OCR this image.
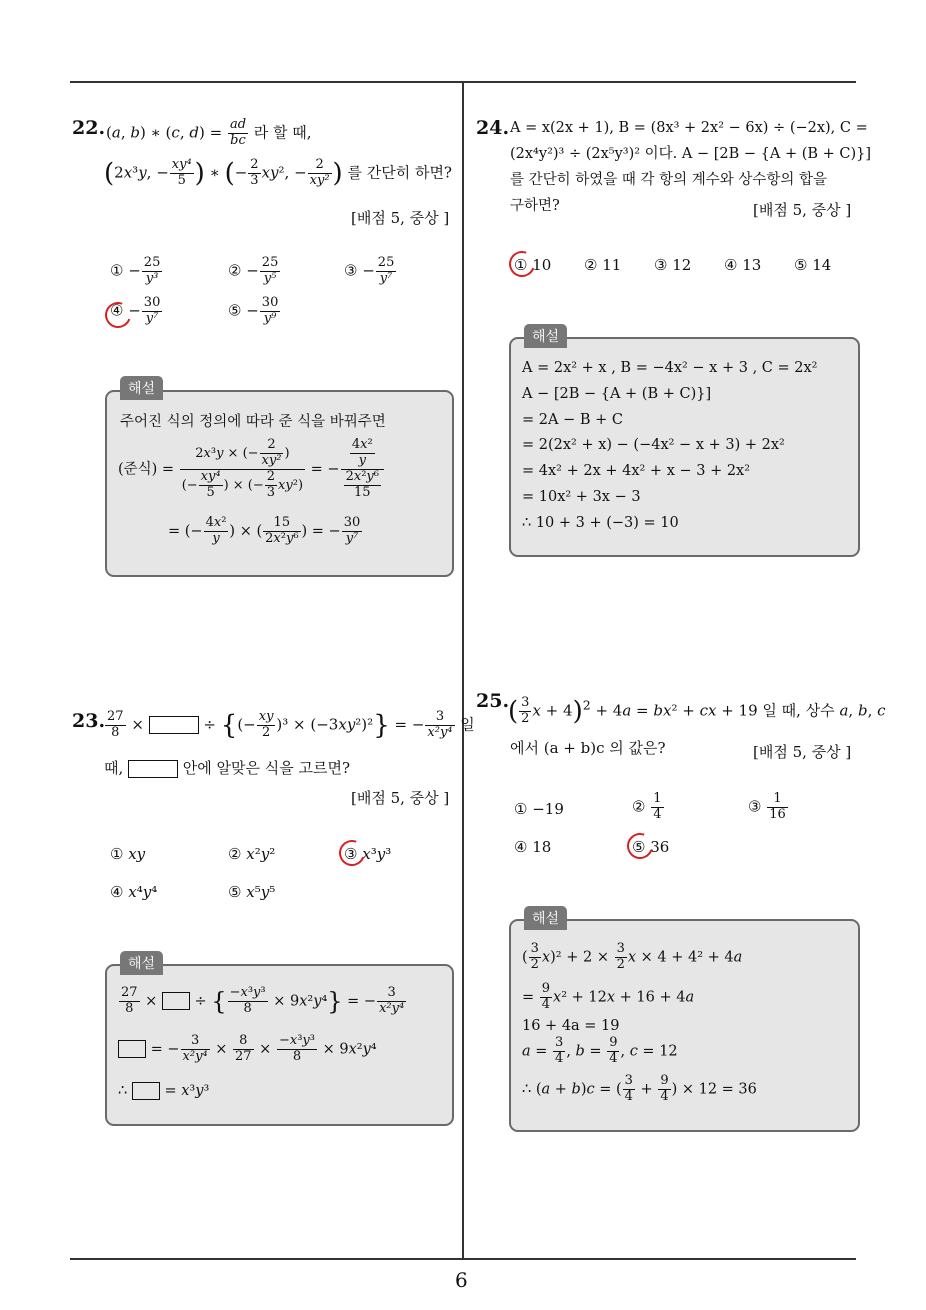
6
22. (a, b) ∗ (c, $d) = \frac{ad}{bc}$ 라 할 때,
(2x³y, − $\frac{\text{xy⁴}}{5}$ ) ∗ (− $\frac{2}{3} xy^2$, − $\frac{2}{\text{xy²}}$ ) 를 간단히 하면?
[배점 5, 중상 ]
① − $\frac{25}{\text{y³}}$	② − $\frac{25}{\text{y⁵}}$	③ − $\frac{25}{\text{y⁷}}$
④ − $\frac{30}{\text{y⁷}}$	⑤ − $\frac{30}{\text{y⁹}}$
해설
주어진 식의 정의에 따라 준 식을 바꿔주면
(준식) = $\frac{2x^3y \times (- \frac{2}{\text{xy²}} )}{(- \frac{\text{xy⁴}}{5} ) \times (- \frac{2}{3} xy^2)}$ = − $\frac{\frac{\text{4x²}}{y}}{\frac{\text{2x²y⁶}}{15}}$
= (− $\frac{\text{4x²}}{y}$ ) × ( $\frac{15}{\text{2x²y⁶}}$ ) = − $\frac{30}{\text{y⁷}}$
23. $\frac{27}{8}$ ×	÷ {(− $\frac{xy}{2} )^3 \times (-3xy^2)^2$} = − $\frac{3}{\text{x²y⁴}}$ 일
때,	안에 알맞은 식을 고르면?
[배점 5, 중상 ]
① xy	② x²y²	③ x³y³
④ x⁴y⁴	⑤ x⁵y⁵
해설
$\frac{27}{8}$ ×  ÷ { $\frac{\text{−x³y³}}{8} \times 9x^2y^4$} = − $\frac{3}{\text{x²y⁴}}$
= − $\frac{3}{\text{x²y⁴}} \times \frac{8}{27} \times \frac{\text{−x³y³}}{8} \times 9x^2y^4$
∴  = x³y³
24. A = x(2x + 1), B = (8x³ + 2x² − 6x) ÷ (−2x), C =
(2x⁴y²)³ ÷ (2x⁵y³)² 이다. A − [2B − {A + (B + C)}]
를 간단히 하였을 때 각 항의 계수와 상수항의 합을
구하면?	[배점 5, 중상 ]
① 10 ② 11 ③ 12 ④ 13 ⑤ 14
해설
A = 2x² + x , B = −4x² − x + 3 , C = 2x²
A − [2B − {A + (B + C)}]
= 2A − B + C
= 2(2x² + x) − (−4x² − x + 3) + 2x²
= 4x² + 2x + 4x² + x − 3 + 2x²
= 10x² + 3x − 3
∴ 10 + 3 + (−3) = 10
25.
( $\frac{3}{2}$ x + 4)$^2$ + 4a = bx² + cx + 19 일 때, 상수 a, b, c
에서 (a + b)c 의 값은?	[배점 5, 중상 ]
① −19	② $\frac{1}{4}$	③ $\frac{1}{16}$
④ 18	⑤ 36
해설
( $\frac{3}{2} x)^2 + 2 \times \frac{3}{2}$ x × 4 + 4² + 4a
= $\frac{9}{4} x^2 + 12x + 16 + 4a$
16 + 4a = 19
$a = \frac{3}{4}$ , $b = \frac{9}{4}$ , c = 12
∴ (a + b)c = ( $\frac{3}{4} + \frac{9}{4}$ ) × 12 = 36
